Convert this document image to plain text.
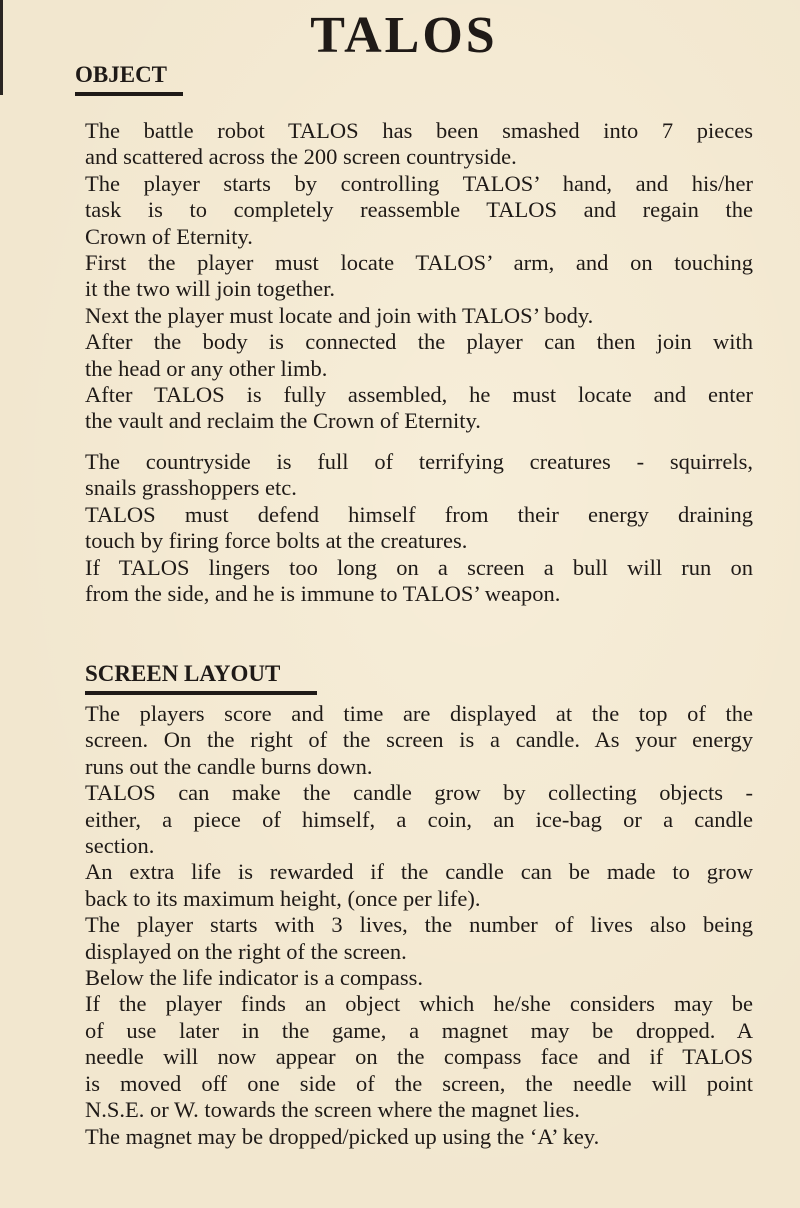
TALOS
OBJECT

The battle robot TALOS has been smashed into 7 pieces
and scattered across the 200 screen countryside.
The player starts by controlling TALOS’ hand, and his/her
task is to completely reassemble TALOS and regain the
Crown of Eternity.
First the player must locate TALOS’ arm, and on touching
it the two will join together.
Next the player must locate and join with TALOS’ body.
After the body is connected the player can then join with
the head or any other limb.
After TALOS is fully assembled, he must locate and enter
the vault and reclaim the Crown of Eternity.

The countryside is full of terrifying creatures - squirrels,
snails grasshoppers etc.
TALOS must defend himself from their energy draining
touch by firing force bolts at the creatures.
If TALOS lingers too long on a screen a bull will run on
from the side, and he is immune to TALOS’ weapon.

SCREEN LAYOUT

The players score and time are displayed at the top of the
screen. On the right of the screen is a candle. As your energy
runs out the candle burns down.
TALOS can make the candle grow by collecting objects -
either, a piece of himself, a coin, an ice-bag or a candle
section.
An extra life is rewarded if the candle can be made to grow
back to its maximum height, (once per life).
The player starts with 3 lives, the number of lives also being
displayed on the right of the screen.
Below the life indicator is a compass.
If the player finds an object which he/she considers may be
of use later in the game, a magnet may be dropped. A
needle will now appear on the compass face and if TALOS
is moved off one side of the screen, the needle will point
N.S.E. or W. towards the screen where the magnet lies.
The magnet may be dropped/picked up using the ‘A’ key.
